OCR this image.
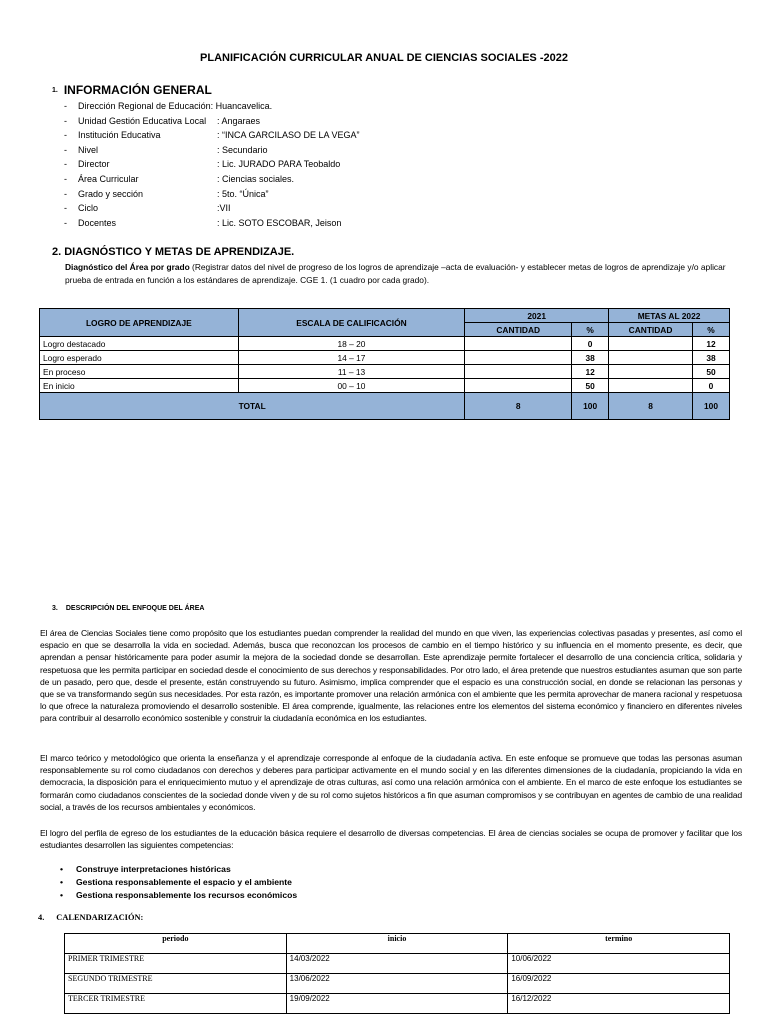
PLANIFICACIÓN CURRICULAR ANUAL DE CIENCIAS SOCIALES -2022
1. INFORMACIÓN GENERAL
-	Dirección Regional de Educación: Huancavelica.
-	Unidad Gestión Educativa Local	: Angaraes
-	Institución Educativa	: “INCA GARCILASO DE LA VEGA”
-	Nivel	: Secundario
-	Director	: Lic. JURADO PARA Teobaldo
-	Área Curricular	: Ciencias sociales.
-	Grado y sección	: 5to. “Única”
-	Ciclo	:VII
-	Docentes	: Lic. SOTO ESCOBAR, Jeison
2. DIAGNÓSTICO Y METAS DE APRENDIZAJE.
Diagnóstico del Área por grado (Registrar datos del nivel de progreso de los logros de aprendizaje –acta de evaluación- y establecer metas de logros de aprendizaje y/o aplicar prueba de entrada en función a los estándares de aprendizaje. CGE 1. (1 cuadro por cada grado).
LOGRO DE APRENDIZAJE	ESCALA DE CALIFICACIÓN	2021		METAS AL 2022	
		CANTIDAD	%	CANTIDAD	%
Logro destacado	18 – 20		0		12
Logro esperado	14 – 17		38		38
En proceso	11 – 13		12		50
En inicio	00 – 10		50		0
TOTAL		8	100	8	100
3. DESCRIPCIÓN DEL ENFOQUE DEL ÁREA
El área de Ciencias Sociales tiene como propósito que los estudiantes puedan comprender la realidad del mundo en que viven, las experiencias colectivas pasadas y presentes, así como el espacio en que se desarrolla la vida en sociedad. Además, busca que reconozcan los procesos de cambio en el tiempo histórico y su influencia en el momento presente, es decir, que aprendan a pensar históricamente para poder asumir la mejora de la sociedad donde se desarrollan. Este aprendizaje permite fortalecer el desarrollo de una conciencia crítica, solidaria y respetuosa que les permita participar en sociedad desde el conocimiento de sus derechos y responsabilidades. Por otro lado, el área pretende que nuestros estudiantes asuman que son parte de un pasado, pero que, desde el presente, están construyendo su futuro. Asimismo, implica comprender que el espacio es una construcción social, en donde se relacionan las personas y que se va transformando según sus necesidades. Por esta razón, es importante promover una relación armónica con el ambiente que les permita aprovechar de manera racional y respetuosa lo que ofrece la naturaleza promoviendo el desarrollo sostenible. El área comprende, igualmente, las relaciones entre los elementos del sistema económico y financiero en diferentes niveles para contribuir al desarrollo económico sostenible y construir la ciudadanía económica en los estudiantes.
El marco teórico y metodológico que orienta la enseñanza y el aprendizaje corresponde al enfoque de la ciudadanía activa. En este enfoque se promueve que todas las personas asuman responsablemente su rol como ciudadanos con derechos y deberes para participar activamente en el mundo social y en las diferentes dimensiones de la ciudadanía, propiciando la vida en democracia, la disposición para el enriquecimiento mutuo y el aprendizaje de otras culturas, así como una relación armónica con el ambiente. En el marco de este enfoque los estudiantes se formarán como ciudadanos conscientes de la sociedad donde viven y de su rol como sujetos históricos a fin que asuman compromisos y se contribuyan en agentes de cambio de una realidad social, a través de los recursos ambientales y económicos.
El logro del perfila de egreso de los estudiantes de la educación básica requiere el desarrollo de diversas competencias. El área de ciencias sociales se ocupa de promover y facilitar que los estudiantes desarrollen las siguientes competencias:
•	Construye interpretaciones históricas
•	Gestiona responsablemente el espacio y el ambiente
•	Gestiona responsablemente los recursos económicos
4. CALENDARIZACIÓN:
periodo	inicio	termino
PRIMER TRIMESTRE	14/03/2022	10/06/2022
SEGUNDO TRIMESTRE	13/06/2022	16/09/2022
TERCER TRIMESTRE	19/09/2022	16/12/2022
